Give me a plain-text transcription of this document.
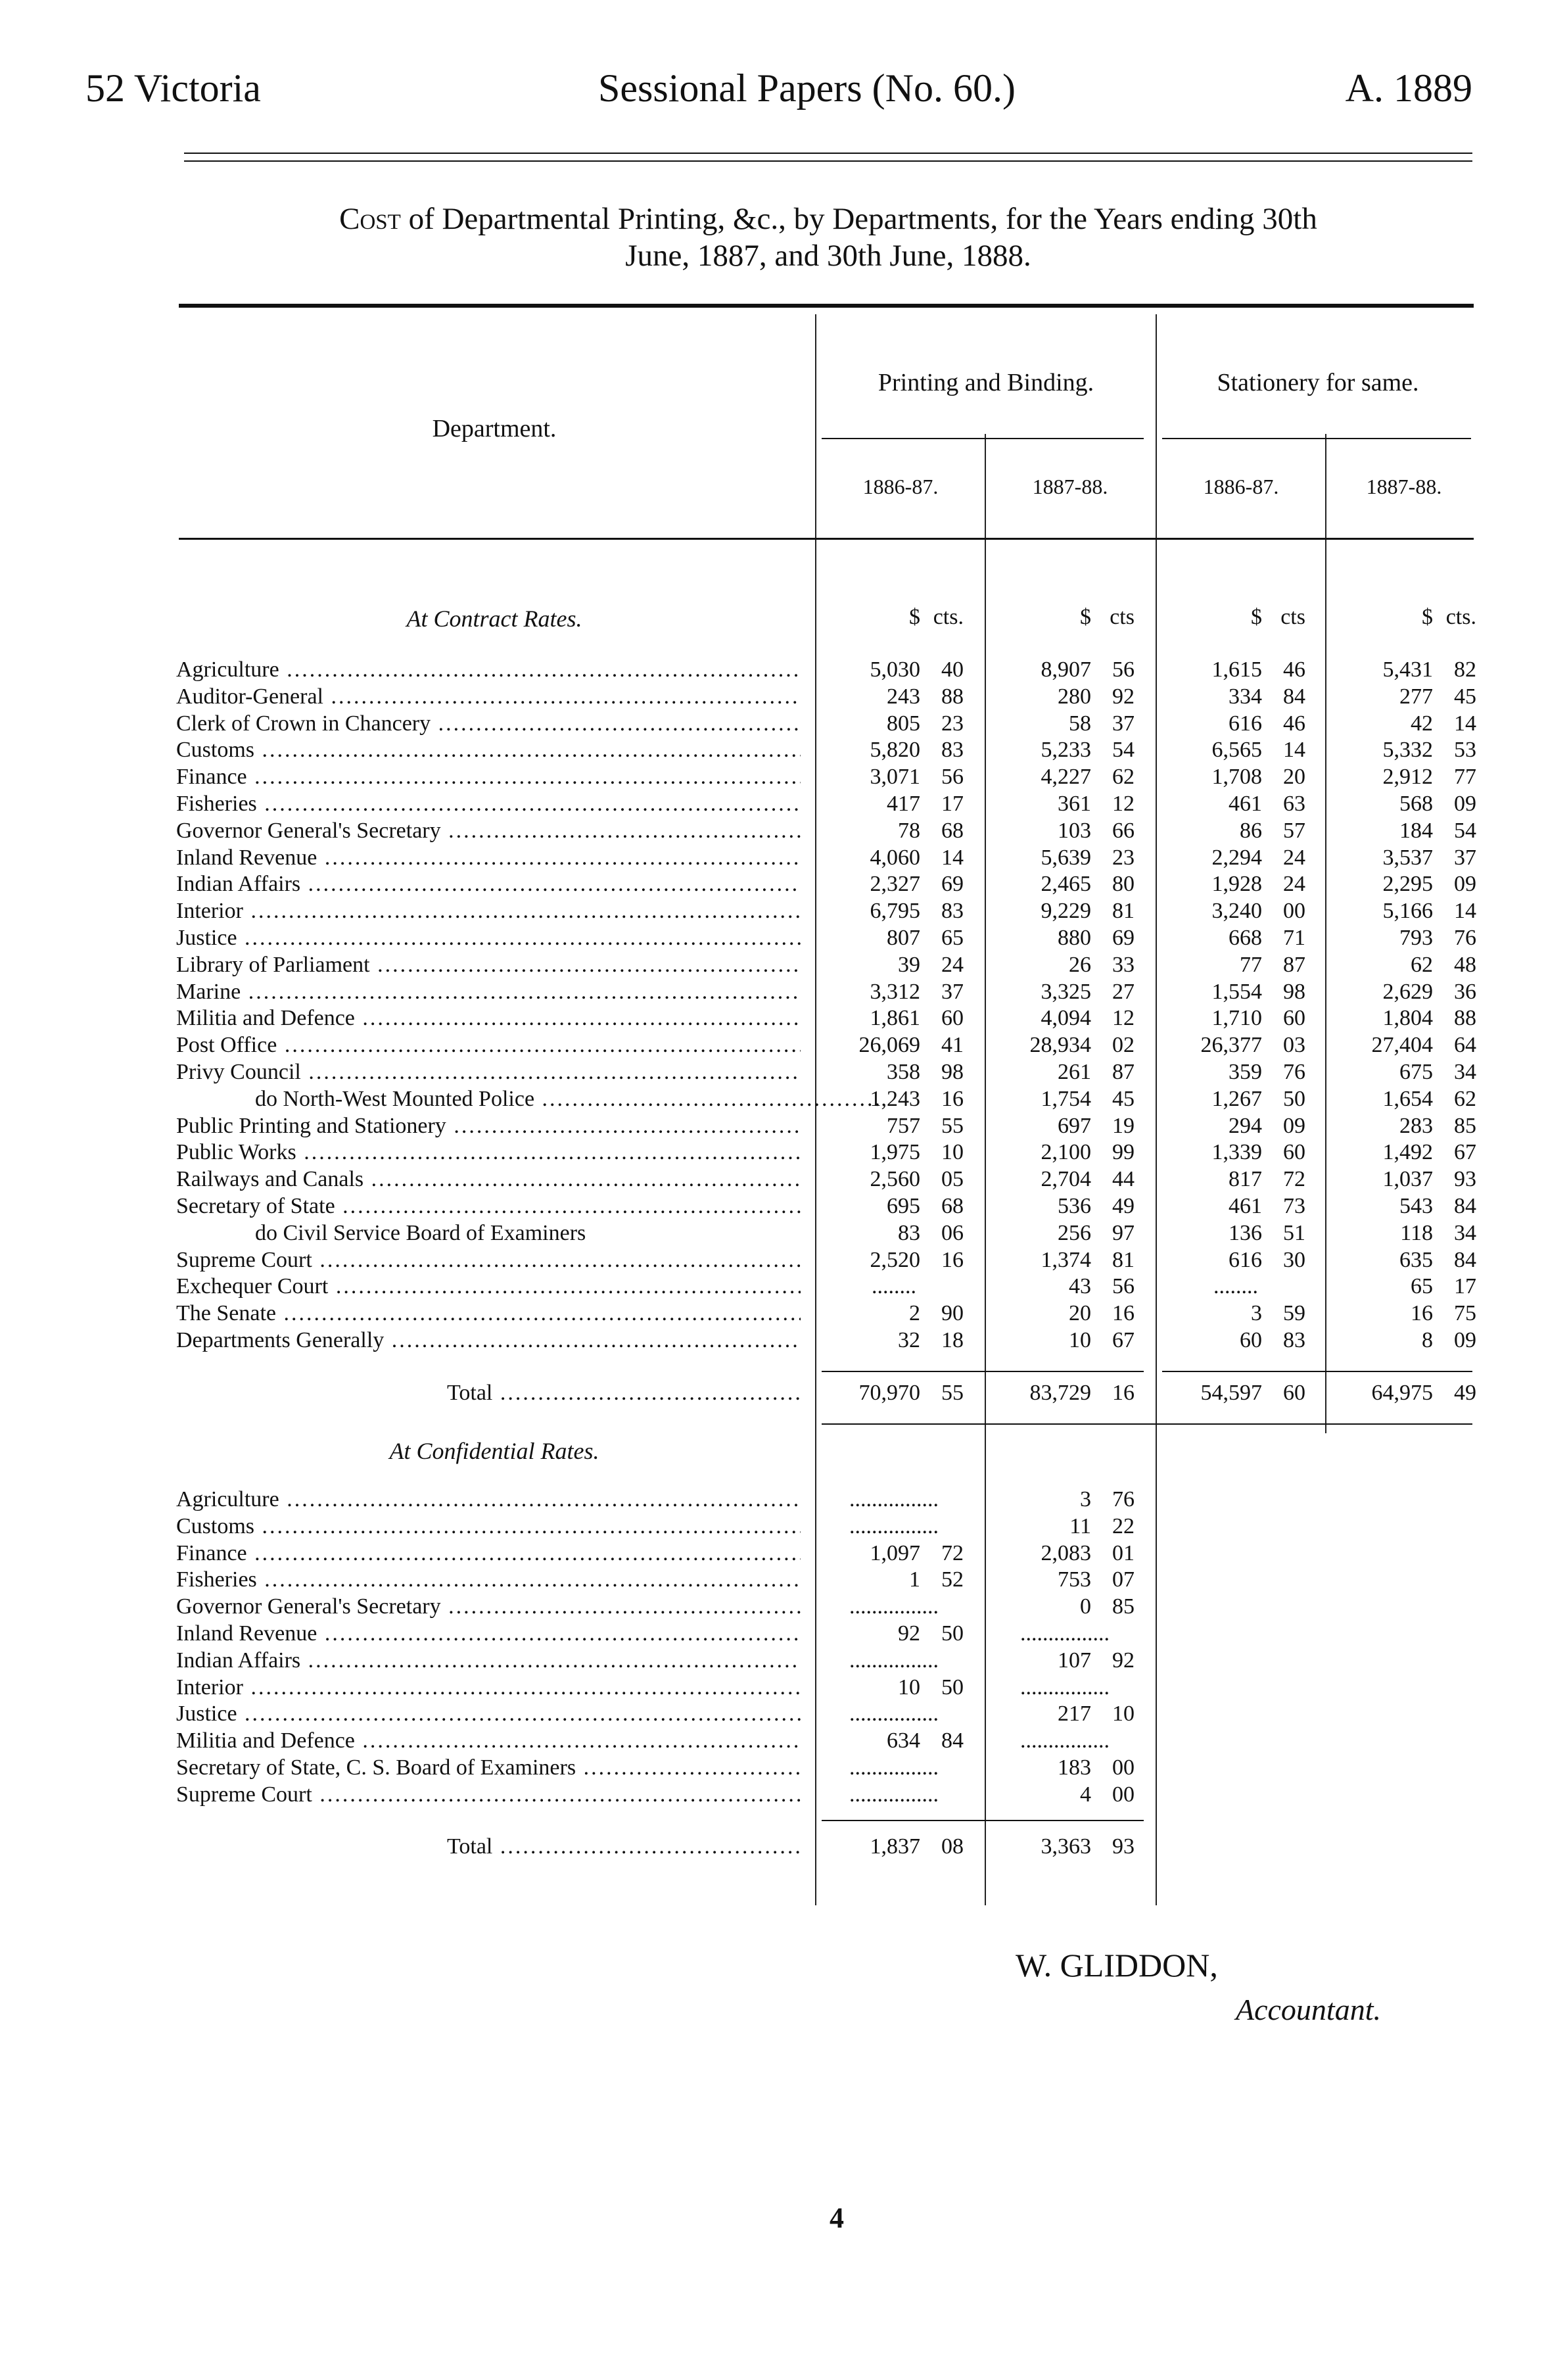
52 Victoria	Sessional Papers (No. 60.)	A. 1889
Cost of Departmental Printing, &c., by Departments, for the Years ending 30th
June, 1887, and 30th June, 1888.
Department.
Printing and Binding.	Stationery for same.
1886-87.	1887-88.	1886-87.	1887-88.
At Contract Rates.	$ cts.	$ cts	$ cts	$ cts.
Agriculture .....	5,030 40	8,907 56	1,615 46	5,431 82
Auditor-General .....	243 88	280 92	334 84	277 45
Clerk of Crown in Chancery .....	805 23	58 37	616 46	42 14
Customs .....	5,820 83	5,233 54	6,565 14	5,332 53
Finance .....	3,071 56	4,227 62	1,708 20	2,912 77
Fisheries .....	417 17	361 12	461 63	568 09
Governor General's Secretary .....	78 68	103 66	86 57	184 54
Inland Revenue .....	4,060 14	5,639 23	2,294 24	3,537 37
Indian Affairs .....	2,327 69	2,465 80	1,928 24	2,295 09
Interior .....	6,795 83	9,229 81	3,240 00	5,166 14
Justice .....	807 65	880 69	668 71	793 76
Library of Parliament .....	39 24	26 33	77 87	62 48
Marine .....	3,312 37	3,325 27	1,554 98	2,629 36
Militia and Defence .....	1,861 60	4,094 12	1,710 60	1,804 88
Post Office .....	26,069 41	28,934 02	26,377 03	27,404 64
Privy Council .....	358 98	261 87	359 76	675 34
do North-West Mounted Police .....	1,243 16	1,754 45	1,267 50	1,654 62
Public Printing and Stationery .....	757 55	697 19	294 09	283 85
Public Works .....	1,975 10	2,100 99	1,339 60	1,492 67
Railways and Canals .....	2,560 05	2,704 44	817 72	1,037 93
Secretary of State .....	695 68	536 49	461 73	543 84
do Civil Service Board of Examiners	83 06	256 97	136 51	118 34
Supreme Court .....	2,520 16	1,374 81	616 30	635 84
Exchequer Court .....	........	43 56	........	65 17
The Senate .....	2 90	20 16	3 59	16 75
Departments Generally .....	32 18	10 67	60 83	8 09
Total .....	70,970 55	83,729 16	54,597 60	64,975 49
At Confidential Rates.
Agriculture .....	................	3 76
Customs .....	................	11 22
Finance .....	1,097 72	2,083 01
Fisheries .....	1 52	753 07
Governor General's Secretary .....	................	0 85
Inland Revenue .....	92 50	................
Indian Affairs .....	................	107 92
Interior .....	10 50	................
Justice .....	................	217 10
Militia and Defence .....	634 84	................
Secretary of State, C. S. Board of Examiners .....	................	183 00
Supreme Court .....	................	4 00
Total .....	1,837 08	3,363 93
W. GLIDDON,
Accountant.
4
